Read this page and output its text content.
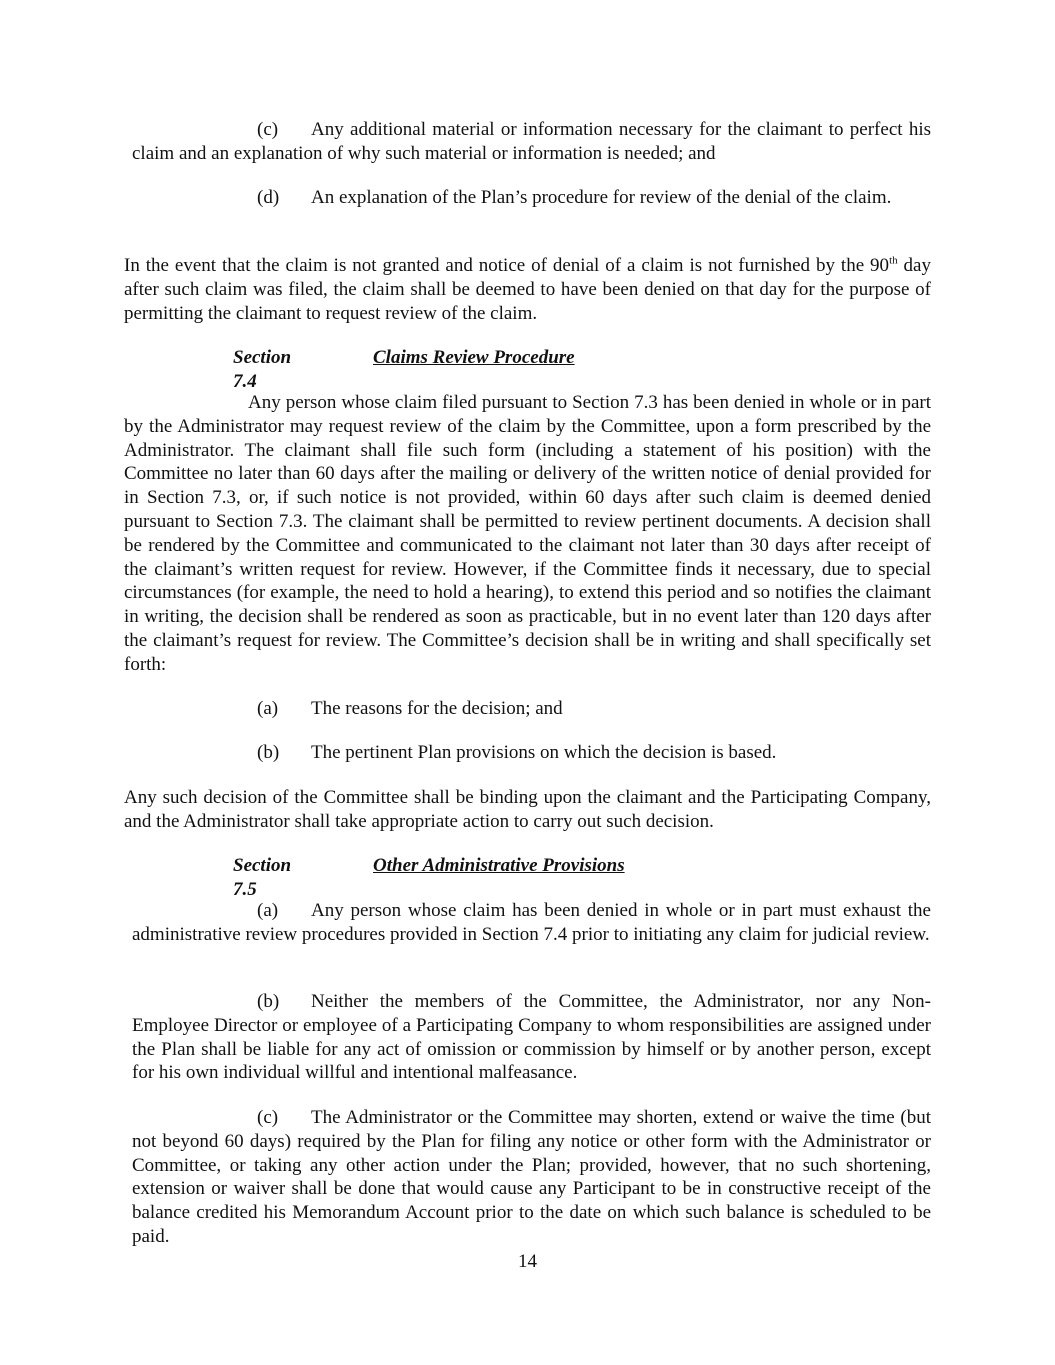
(c) Any additional material or information necessary for the claimant to perfect his claim and an explanation of why such material or information is needed; and

(d) An explanation of the Plan’s procedure for review of the denial of the claim.

In the event that the claim is not granted and notice of denial of a claim is not furnished by the 90th day after such claim was filed, the claim shall be deemed to have been denied on that day for the purpose of permitting the claimant to request review of the claim.

Section 7.4
Claims Review Procedure

Any person whose claim filed pursuant to Section 7.3 has been denied in whole or in part by the Administrator may request review of the claim by the Committee, upon a form prescribed by the Administrator. The claimant shall file such form (including a statement of his position) with the Committee no later than 60 days after the mailing or delivery of the written notice of denial provided for in Section 7.3, or, if such notice is not provided, within 60 days after such claim is deemed denied pursuant to Section 7.3. The claimant shall be permitted to review pertinent documents. A decision shall be rendered by the Committee and communicated to the claimant not later than 30 days after receipt of the claimant’s written request for review. However, if the Committee finds it necessary, due to special circumstances (for example, the need to hold a hearing), to extend this period and so notifies the claimant in writing, the decision shall be rendered as soon as practicable, but in no event later than 120 days after the claimant’s request for review. The Committee’s decision shall be in writing and shall specifically set forth:

(a) The reasons for the decision; and
(b) The pertinent Plan provisions on which the decision is based.

Any such decision of the Committee shall be binding upon the claimant and the Participating Company, and the Administrator shall take appropriate action to carry out such decision.

Section 7.5
Other Administrative Provisions

(a) Any person whose claim has been denied in whole or in part must exhaust the administrative review procedures provided in Section 7.4 prior to initiating any claim for judicial review.

(b) Neither the members of the Committee, the Administrator, nor any Non-Employee Director or employee of a Participating Company to whom responsibilities are assigned under the Plan shall be liable for any act of omission or commission by himself or by another person, except for his own individual willful and intentional malfeasance.

(c) The Administrator or the Committee may shorten, extend or waive the time (but not beyond 60 days) required by the Plan for filing any notice or other form with the Administrator or Committee, or taking any other action under the Plan; provided, however, that no such shortening, extension or waiver shall be done that would cause any Participant to be in constructive receipt of the balance credited his Memorandum Account prior to the date on which such balance is scheduled to be paid.

14
